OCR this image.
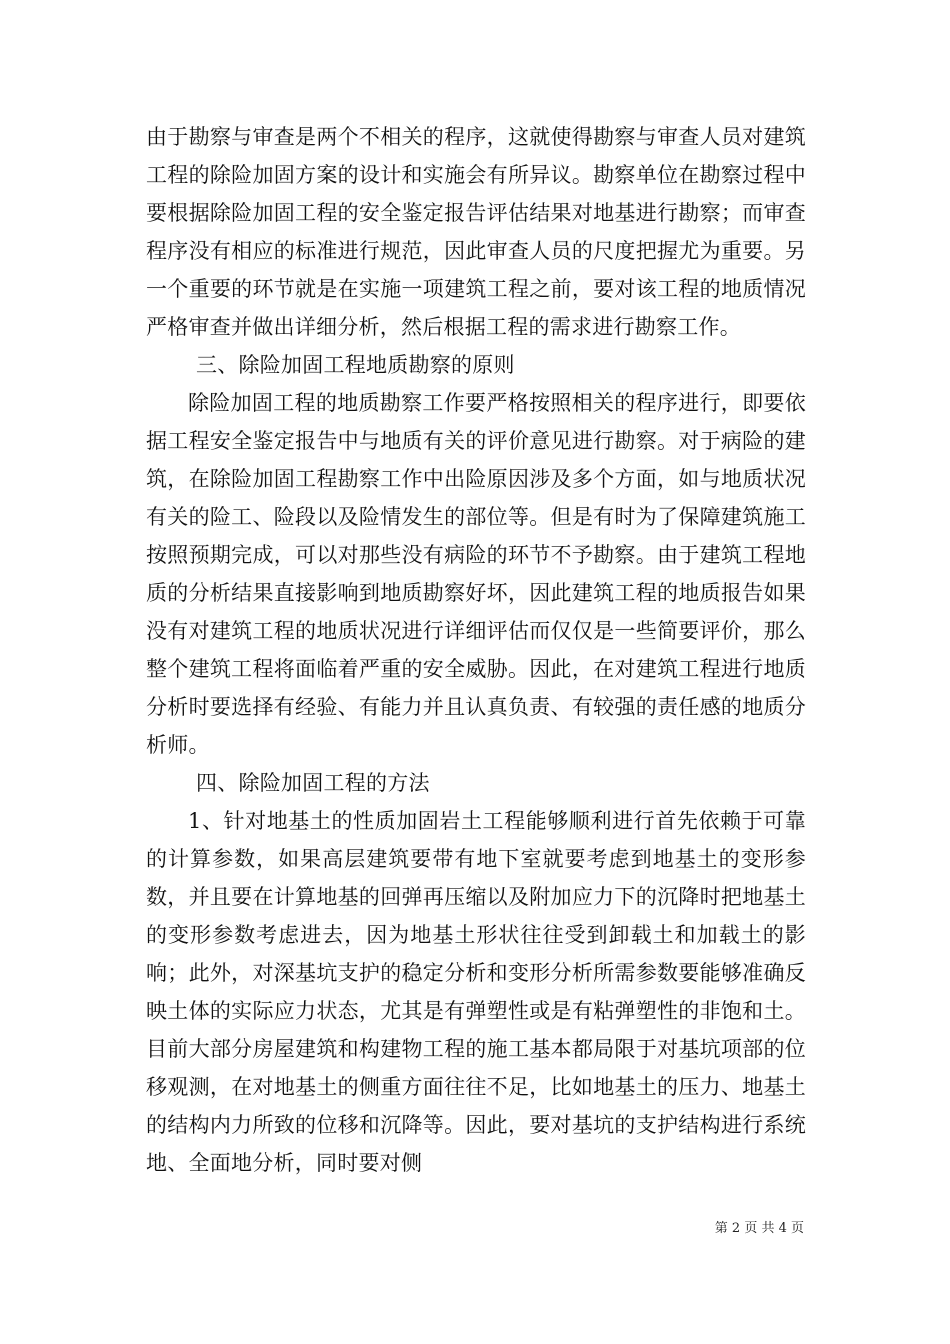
由于勘察与审查是两个不相关的程序，这就使得勘察与审查人员对建筑工程的除险加固方案的设计和实施会有所异议。勘察单位在勘察过程中要根据除险加固工程的安全鉴定报告评估结果对地基进行勘察；而审查程序没有相应的标准进行规范，因此审查人员的尺度把握尤为重要。另一个重要的环节就是在实施一项建筑工程之前，要对该工程的地质情况严格审查并做出详细分析，然后根据工程的需求进行勘察工作。

三、除险加固工程地质勘察的原则

除险加固工程的地质勘察工作要严格按照相关的程序进行，即要依据工程安全鉴定报告中与地质有关的评价意见进行勘察。对于病险的建筑，在除险加固工程勘察工作中出险原因涉及多个方面，如与地质状况有关的险工、险段以及险情发生的部位等。但是有时为了保障建筑施工按照预期完成，可以对那些没有病险的环节不予勘察。由于建筑工程地质的分析结果直接影响到地质勘察好坏，因此建筑工程的地质报告如果没有对建筑工程的地质状况进行详细评估而仅仅是一些简要评价，那么整个建筑工程将面临着严重的安全威胁。因此，在对建筑工程进行地质分析时要选择有经验、有能力并且认真负责、有较强的责任感的地质分析师。

四、除险加固工程的方法

1、针对地基土的性质加固岩土工程能够顺利进行首先依赖于可靠的计算参数，如果高层建筑要带有地下室就要考虑到地基土的变形参数，并且要在计算地基的回弹再压缩以及附加应力下的沉降时把地基土的变形参数考虑进去，因为地基土形状往往受到卸载土和加载土的影响；此外，对深基坑支护的稳定分析和变形分析所需参数要能够准确反映土体的实际应力状态，尤其是有弹塑性或是有粘弹塑性的非饱和土。目前大部分房屋建筑和构建物工程的施工基本都局限于对基坑项部的位移观测，在对地基土的侧重方面往往不足，比如地基土的压力、地基土的结构内力所致的位移和沉降等。因此，要对基坑的支护结构进行系统地、全面地分析，同时要对侧

第 2 页 共 4 页
